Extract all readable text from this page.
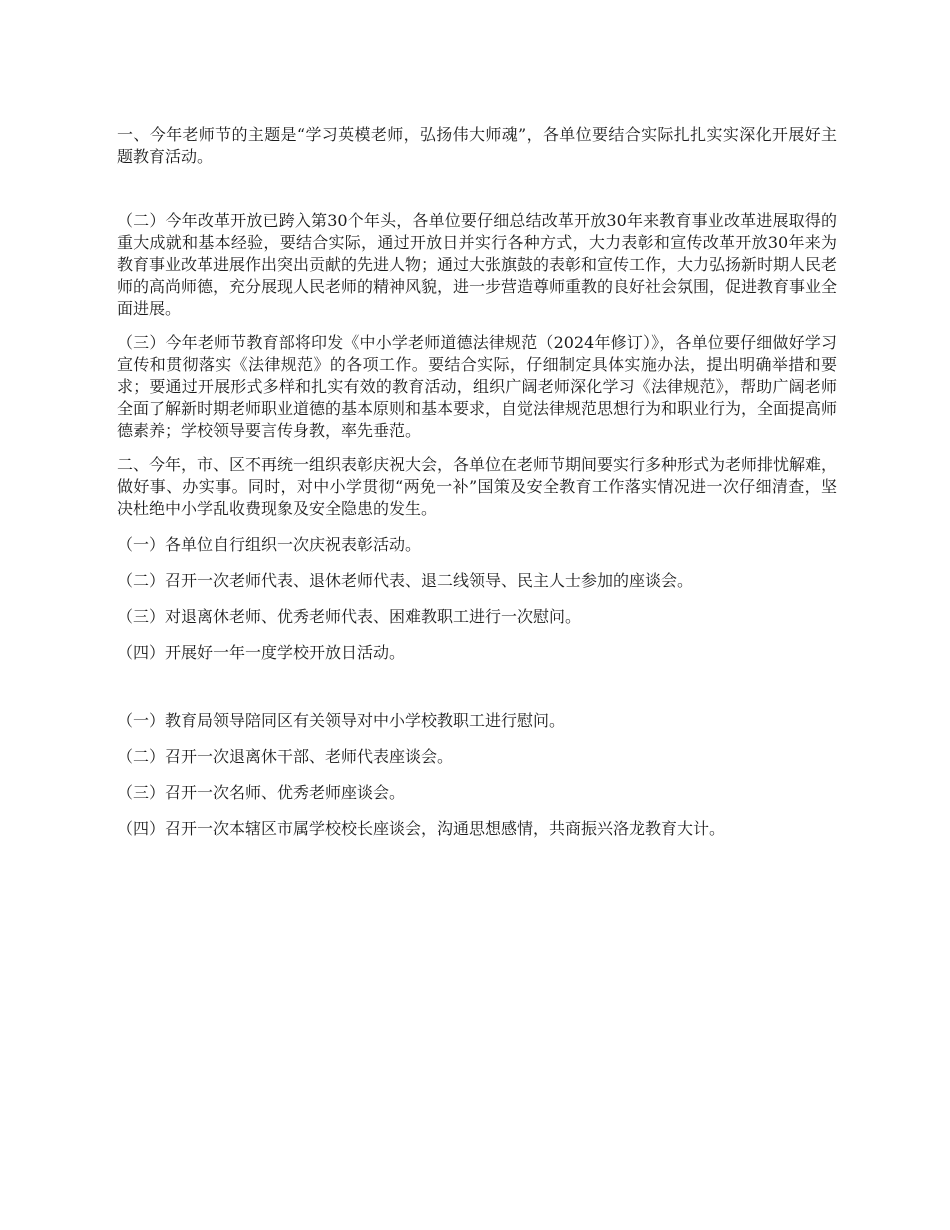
一、今年老师节的主题是“学习英模老师，弘扬伟大师魂”，各单位要结合实际扎扎实实深化开展好主题教育活动。

（二）今年改革开放已跨入第30个年头，各单位要仔细总结改革开放30年来教育事业改革进展取得的重大成就和基本经验，要结合实际，通过开放日并实行各种方式，大力表彰和宣传改革开放30年来为教育事业改革进展作出突出贡献的先进人物；通过大张旗鼓的表彰和宣传工作，大力弘扬新时期人民老师的高尚师德，充分展现人民老师的精神风貌，进一步营造尊师重教的良好社会氛围，促进教育事业全面进展。

（三）今年老师节教育部将印发《中小学老师道德法律规范（2024年修订）》，各单位要仔细做好学习宣传和贯彻落实《法律规范》的各项工作。要结合实际，仔细制定具体实施办法，提出明确举措和要求；要通过开展形式多样和扎实有效的教育活动，组织广阔老师深化学习《法律规范》，帮助广阔老师全面了解新时期老师职业道德的基本原则和基本要求，自觉法律规范思想行为和职业行为，全面提高师德素养；学校领导要言传身教，率先垂范。

二、今年，市、区不再统一组织表彰庆祝大会，各单位在老师节期间要实行多种形式为老师排忧解难，做好事、办实事。同时，对中小学贯彻“两免一补”国策及安全教育工作落实情况进一次仔细清查，坚决杜绝中小学乱收费现象及安全隐患的发生。

（一）各单位自行组织一次庆祝表彰活动。

（二）召开一次老师代表、退休老师代表、退二线领导、民主人士参加的座谈会。

（三）对退离休老师、优秀老师代表、困难教职工进行一次慰问。

（四）开展好一年一度学校开放日活动。

（一）教育局领导陪同区有关领导对中小学校教职工进行慰问。

（二）召开一次退离休干部、老师代表座谈会。

（三）召开一次名师、优秀老师座谈会。

（四）召开一次本辖区市属学校校长座谈会，沟通思想感情，共商振兴洛龙教育大计。
